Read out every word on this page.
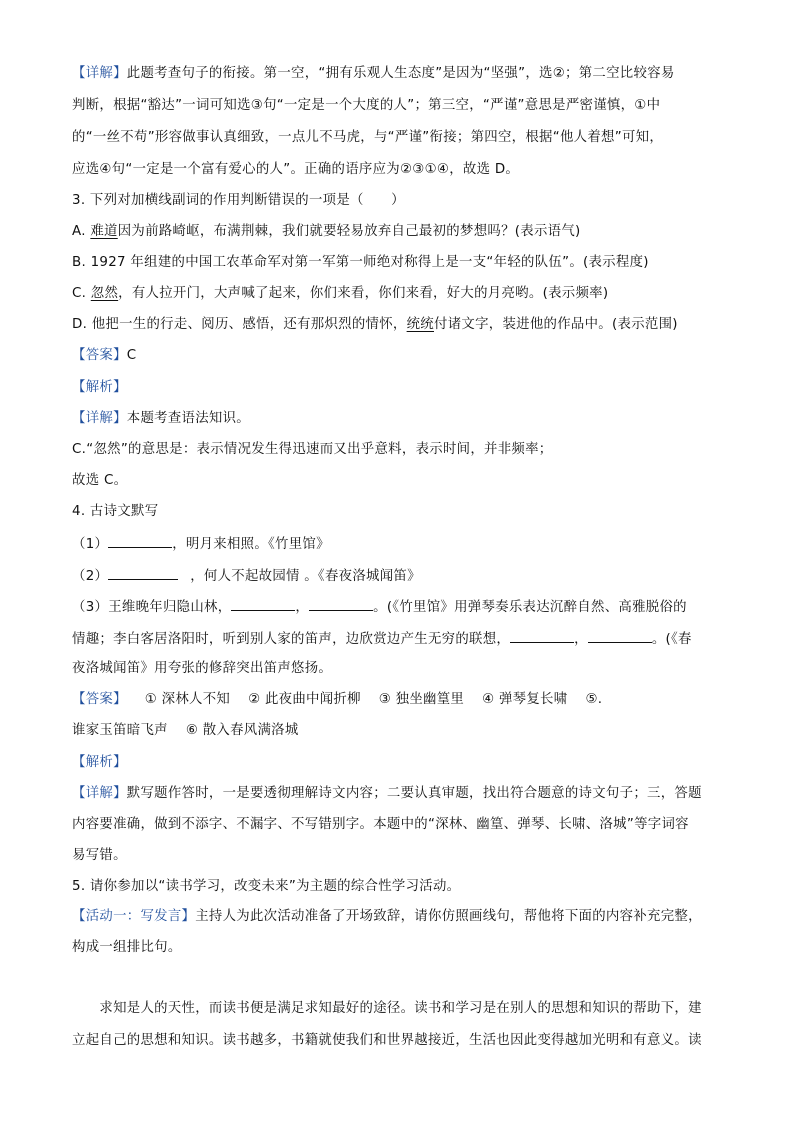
【详解】此题考查句子的衔接。第一空，“拥有乐观人生态度”是因为“坚强”，选②；第二空比较容易
判断，根据“豁达”一词可知选③句“一定是一个大度的人”；第三空，“严谨”意思是严密谨慎，①中
的“一丝不苟”形容做事认真细致，一点儿不马虎，与“严谨”衔接；第四空，根据“他人着想”可知，
应选④句“一定是一个富有爱心的人”。正确的语序应为②③①④，故选 D。
3. 下列对加横线副词的作用判断错误的一项是（　　）
A. 难道因为前路崎岖，布满荆棘，我们就要轻易放弃自己最初的梦想吗？(表示语气)
B. 1927 年组建的中国工农革命军对第一军第一师绝对称得上是一支“年轻的队伍”。(表示程度)
C. 忽然，有人拉开门，大声喊了起来，你们来看，你们来看，好大的月亮哟。(表示频率)
D. 他把一生的行走、阅历、感悟，还有那炽烈的情怀，统统付诸文字，装进他的作品中。(表示范围)
【答案】C
【解析】
【详解】本题考查语法知识。
C.“忽然”的意思是：表示情况发生得迅速而又出乎意料，表示时间，并非频率；
故选 C。
4. 古诗文默写
（1）	，明月来相照。《竹里馆》
（2）	，何人不起故园情 。《春夜洛城闻笛》
（3）王维晚年归隐山林，	，	。(《竹里馆》用弹琴奏乐表达沉醉自然、高雅脱俗的
情趣；李白客居洛阳时，听到别人家的笛声，边欣赏边产生无穷的联想，	，	。(《春
夜洛城闻笛》用夸张的修辞突出笛声悠扬。
【答案】 ① 深林人不知 ② 此夜曲中闻折柳 ③ 独坐幽篁里 ④ 弹琴复长啸 ⑤.
谁家玉笛暗飞声 ⑥ 散入春风满洛城
【解析】
【详解】默写题作答时，一是要透彻理解诗文内容；二要认真审题，找出符合题意的诗文句子；三，答题
内容要准确，做到不添字、不漏字、不写错别字。本题中的“深林、幽篁、弹琴、长啸、洛城”等字词容
易写错。
5. 请你参加以“读书学习，改变未来”为主题的综合性学习活动。
【活动一：写发言】主持人为此次活动准备了开场致辞，请你仿照画线句，帮他将下面的内容补充完整，
构成一组排比句。
　　求知是人的天性，而读书便是满足求知最好的途径。读书和学习是在别人的思想和知识的帮助下，建
立起自己的思想和知识。读书越多，书籍就使我们和世界越接近，生活也因此变得越加光明和有意义。读
